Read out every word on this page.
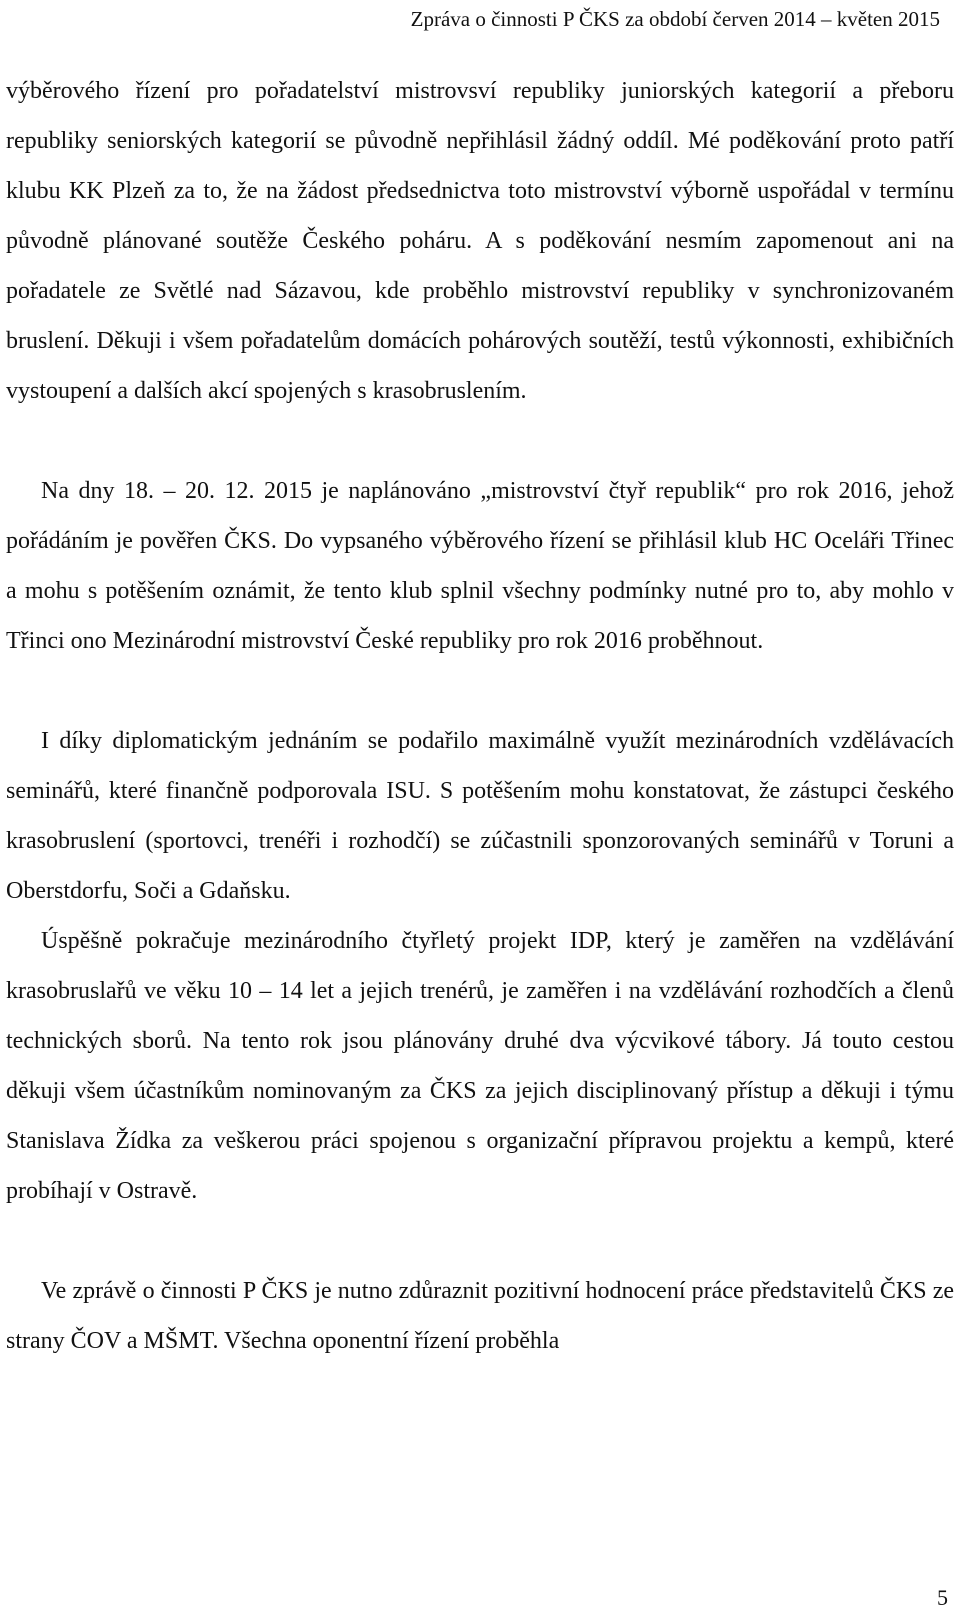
Zpráva o činnosti P ČKS za období červen 2014 – květen 2015

výběrového řízení pro pořadatelství mistrovsví republiky juniorských kategorií a přeboru republiky seniorských kategorií se původně nepřihlásil žádný oddíl. Mé poděkování proto patří klubu KK Plzeň za to, že na žádost předsednictva toto mistrovství výborně uspořádal v termínu původně plánované soutěže Českého poháru. A s poděkování nesmím zapomenout ani na pořadatele ze Světlé nad Sázavou, kde proběhlo mistrovství republiky v synchronizovaném bruslení. Děkuji i všem pořadatelům domácích pohárových soutěží, testů výkonnosti, exhibičních vystoupení a dalších akcí spojených s krasobruslením.

Na dny 18. – 20. 12. 2015 je naplánováno „mistrovství čtyř republik“ pro rok 2016, jehož pořádáním je pověřen ČKS. Do vypsaného výběrového řízení se přihlásil klub HC Oceláři Třinec a mohu s potěšením oznámit, že tento klub splnil všechny podmínky nutné pro to, aby mohlo v Třinci ono Mezinárodní mistrovství České republiky pro rok 2016 proběhnout.

I díky diplomatickým jednáním se podařilo maximálně využít mezinárodních vzdělávacích seminářů, které finančně podporovala ISU. S potěšením mohu konstatovat, že zástupci českého krasobruslení (sportovci, trenéři i rozhodčí) se zúčastnili sponzorovaných seminářů v Toruni a Oberstdorfu, Soči a Gdaňsku.

Úspěšně pokračuje mezinárodního čtyřletý projekt IDP, který je zaměřen na vzdělávání krasobruslařů ve věku 10 – 14 let a jejich trenérů, je zaměřen i na vzdělávání rozhodčích a členů technických sborů. Na tento rok jsou plánovány druhé dva výcvikové tábory. Já touto cestou děkuji všem účastníkům nominovaným za ČKS za jejich disciplinovaný přístup a děkuji i týmu Stanislava Žídka za veškerou práci spojenou s organizační přípravou projektu a kempů, které probíhají v Ostravě.

Ve zprávě o činnosti P ČKS je nutno zdůraznit pozitivní hodnocení práce představitelů ČKS ze strany ČOV a MŠMT. Všechna oponentní řízení proběhla

5
